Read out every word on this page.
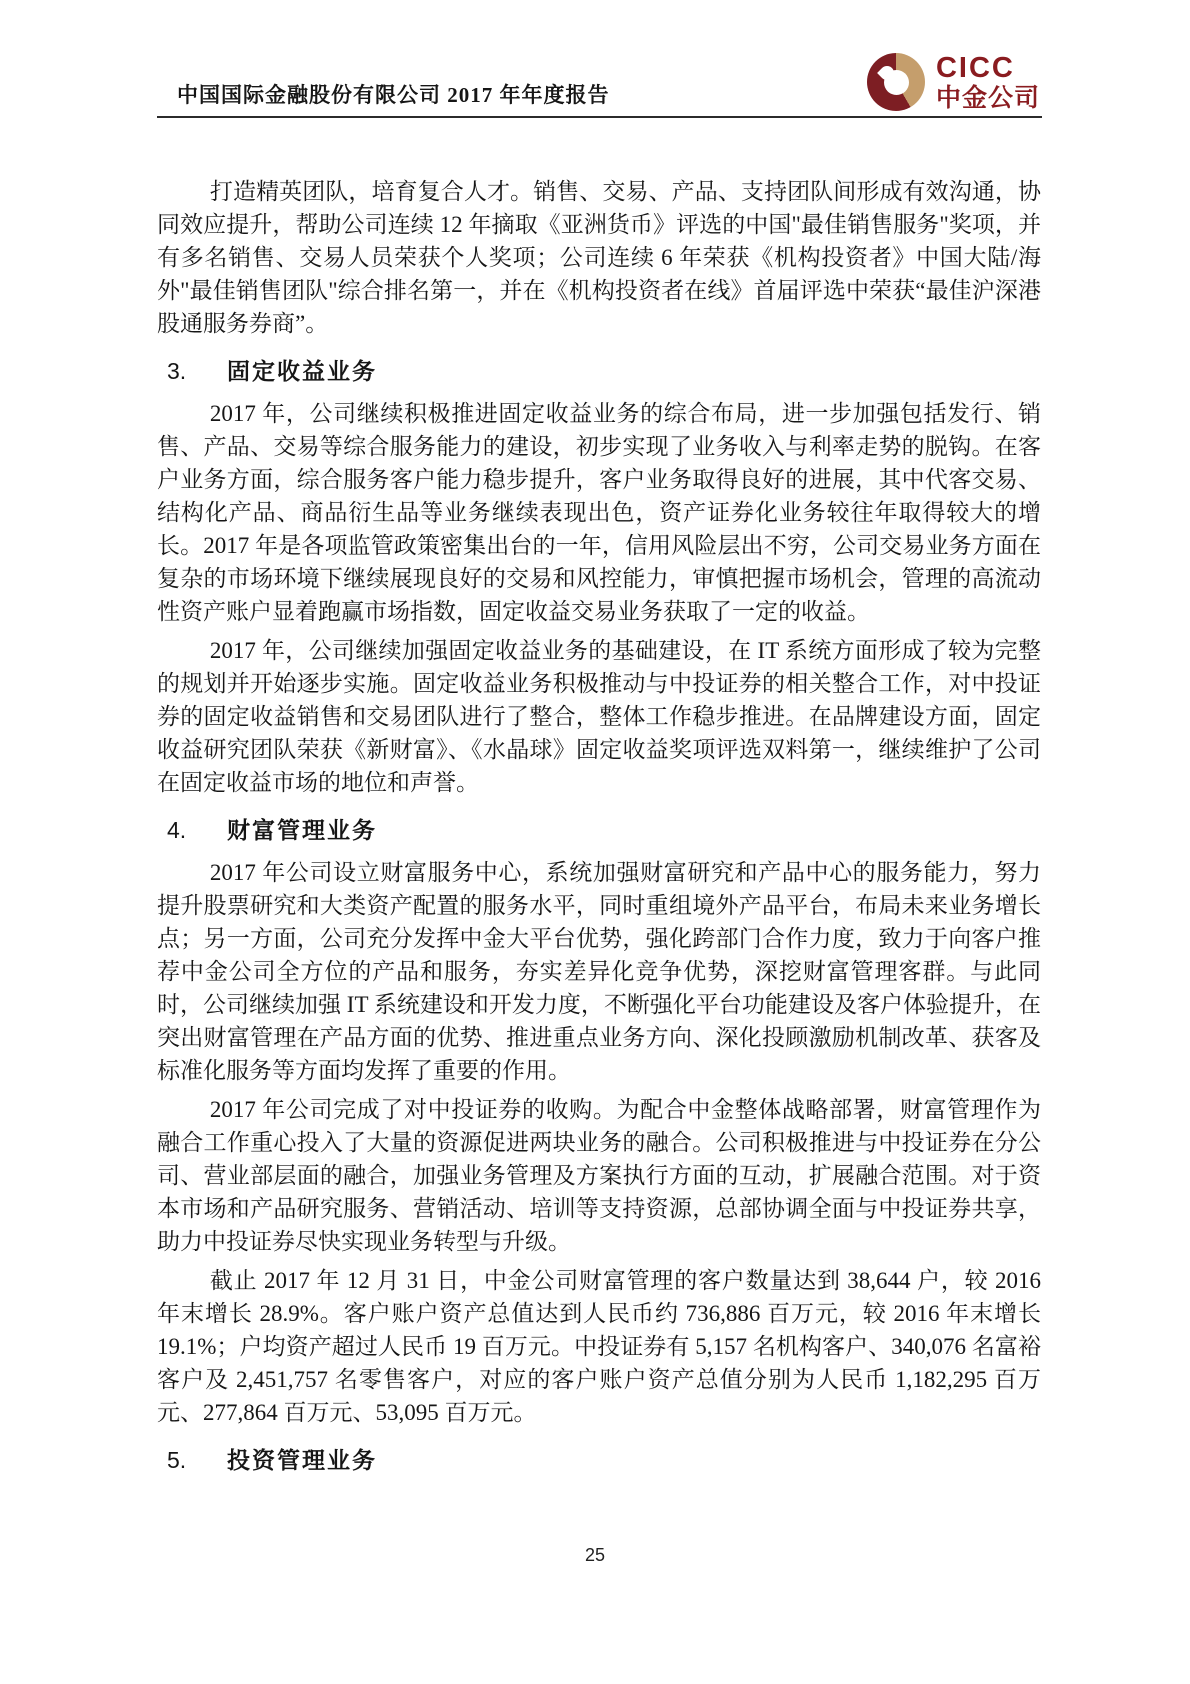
中国国际金融股份有限公司 2017 年年度报告
CICC
中金公司

打造精英团队，培育复合人才。销售、交易、产品、支持团队间形成有效沟通，协同效应提升，帮助公司连续 12 年摘取《亚洲货币》评选的中国"最佳销售服务"奖项，并有多名销售、交易人员荣获个人奖项；公司连续 6 年荣获《机构投资者》中国大陆/海外"最佳销售团队"综合排名第一，并在《机构投资者在线》首届评选中荣获“最佳沪深港股通服务券商”。

3. 固定收益业务

2017 年，公司继续积极推进固定收益业务的综合布局，进一步加强包括发行、销售、产品、交易等综合服务能力的建设，初步实现了业务收入与利率走势的脱钩。在客户业务方面，综合服务客户能力稳步提升，客户业务取得良好的进展，其中代客交易、结构化产品、商品衍生品等业务继续表现出色，资产证券化业务较往年取得较大的增长。2017 年是各项监管政策密集出台的一年，信用风险层出不穷，公司交易业务方面在复杂的市场环境下继续展现良好的交易和风控能力，审慎把握市场机会，管理的高流动性资产账户显着跑赢市场指数，固定收益交易业务获取了一定的收益。

2017 年，公司继续加强固定收益业务的基础建设，在 IT 系统方面形成了较为完整的规划并开始逐步实施。固定收益业务积极推动与中投证券的相关整合工作，对中投证券的固定收益销售和交易团队进行了整合，整体工作稳步推进。在品牌建设方面，固定收益研究团队荣获《新财富》、《水晶球》固定收益奖项评选双料第一，继续维护了公司在固定收益市场的地位和声誉。

4. 财富管理业务

2017 年公司设立财富服务中心，系统加强财富研究和产品中心的服务能力，努力提升股票研究和大类资产配置的服务水平，同时重组境外产品平台，布局未来业务增长点；另一方面，公司充分发挥中金大平台优势，强化跨部门合作力度，致力于向客户推荐中金公司全方位的产品和服务，夯实差异化竞争优势，深挖财富管理客群。与此同时，公司继续加强 IT 系统建设和开发力度，不断强化平台功能建设及客户体验提升，在突出财富管理在产品方面的优势、推进重点业务方向、深化投顾激励机制改革、获客及标准化服务等方面均发挥了重要的作用。

2017 年公司完成了对中投证券的收购。为配合中金整体战略部署，财富管理作为融合工作重心投入了大量的资源促进两块业务的融合。公司积极推进与中投证券在分公司、营业部层面的融合，加强业务管理及方案执行方面的互动，扩展融合范围。对于资本市场和产品研究服务、营销活动、培训等支持资源，总部协调全面与中投证券共享，助力中投证券尽快实现业务转型与升级。

截止 2017 年 12 月 31 日，中金公司财富管理的客户数量达到 38,644 户，较 2016 年末增长 28.9%。客户账户资产总值达到人民币约 736,886 百万元，较 2016 年末增长 19.1%；户均资产超过人民币 19 百万元。中投证券有 5,157 名机构客户、340,076 名富裕客户及 2,451,757 名零售客户，对应的客户账户资产总值分别为人民币 1,182,295 百万元、277,864 百万元、53,095 百万元。

5. 投资管理业务
25
